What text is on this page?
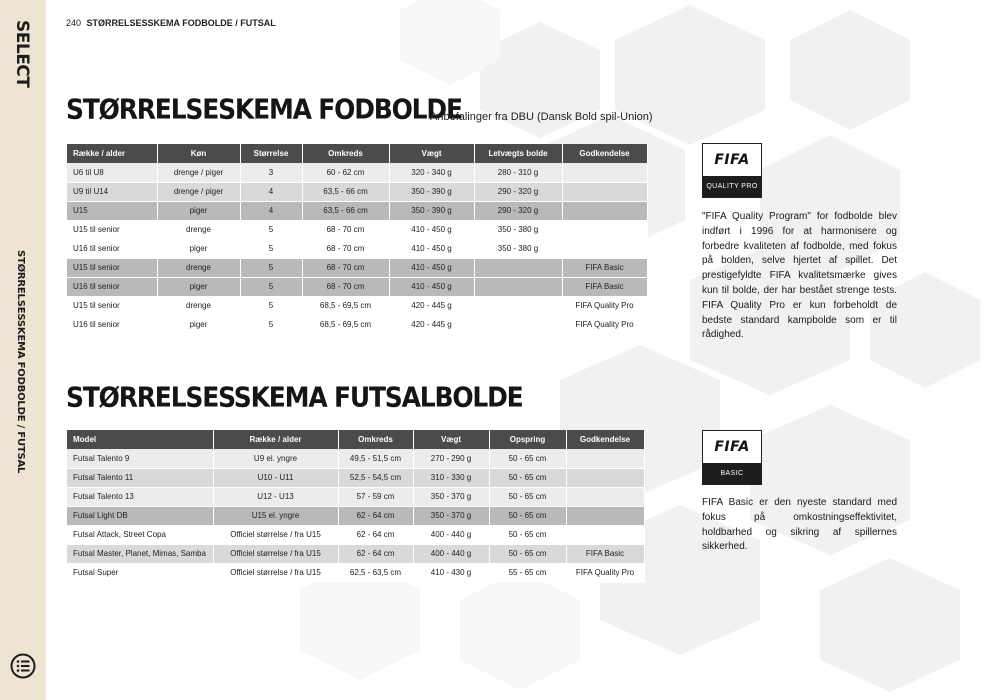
SELECT
STØRRELSESSKEMA FODBOLDE / FUTSAL
240 STØRRELSESSKEMA FODBOLDE / FUTSAL
STØRRELSESKEMA FODBOLDE
Anbefalinger fra DBU (Dansk Bold spil-Union)
Række / alder	Køn	Størrelse	Omkreds	Vægt	Letvægts bolde	Godkendelse
U6 til U8	drenge / piger	3	60 - 62 cm	320 - 340 g	280 - 310 g	
U9 til U14	drenge / piger	4	63,5 - 66 cm	350 - 390 g	290 - 320 g	
U15	piger	4	63,5 - 66 cm	350 - 390 g	290 - 320 g	
U15 til senior	drenge	5	68 - 70 cm	410 - 450 g	350 - 380 g	
U16 til senior	piger	5	68 - 70 cm	410 - 450 g	350 - 380 g	
U15 til senior	drenge	5	68 - 70 cm	410 - 450 g		FIFA Basic
U16 til senior	piger	5	68 - 70 cm	410 - 450 g		FIFA Basic
U15 til senior	drenge	5	68,5 - 69,5 cm	420 - 445 g		FIFA Quality Pro
U16 til senior	piger	5	68,5 - 69,5 cm	420 - 445 g		FIFA Quality Pro
STØRRELSESSKEMA FUTSALBOLDE
Model	Række / alder	Omkreds	Vægt	Opspring	Godkendelse
Futsal Talento 9	U9 el. yngre	49,5 - 51,5 cm	270 - 290 g	50 - 65 cm	
Futsal Talento 11	U10 - U11	52,5 - 54,5 cm	310 - 330 g	50 - 65 cm	
Futsal Talento 13	U12 - U13	57 - 59 cm	350 - 370 g	50 - 65 cm	
Futsal Light DB	U15 el. yngre	62 - 64 cm	350 - 370 g	50 - 65 cm	
Futsal Attack, Street Copa	Officiel størrelse / fra U15	62 - 64 cm	400 - 440 g	50 - 65 cm	
Futsal Master, Planet, Mimas, Samba	Officiel størrelse / fra U15	62 - 64 cm	400 - 440 g	50 - 65 cm	FIFA Basic
Futsal Super	Officiel størrelse / fra U15	62,5 - 63,5 cm	410 - 430 g	55 - 65 cm	FIFA Quality Pro
FIFA
QUALITY PRO
"FIFA Quality Program" for fodbolde blev indført i 1996 for at harmonisere og forbedre kvaliteten af fodbolde, med fokus på bolden, selve hjertet af spillet. Det prestigefyldte FIFA kvalitetsmærke gives kun til bolde, der har bestået strenge tests. FIFA Quality Pro er kun forbeholdt de bedste standard kampbolde som er til rådighed.
FIFA
BASIC
FIFA Basic er den nyeste standard med fokus på omkostningseffektivitet, holdbarhed og sikring af spillernes sikkerhed.
